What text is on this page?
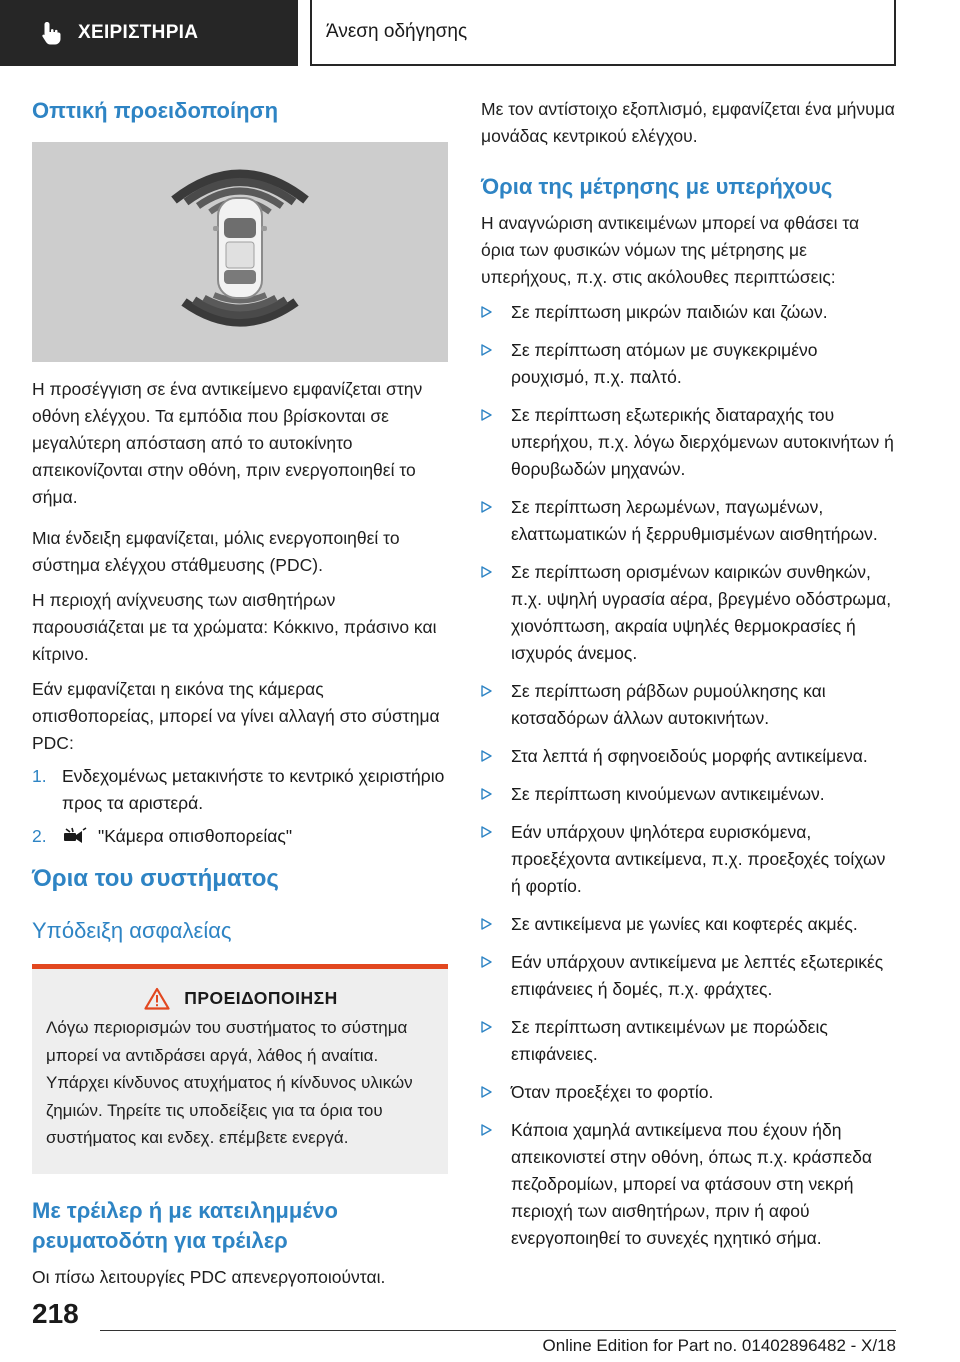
ΧΕΙΡΙΣΤΗΡΙΑ	Άνεση οδήγησης
Οπτική προειδοποίηση

Η προσέγγιση σε ένα αντικείμενο εμφανίζεται στην οθόνη ελέγχου. Τα εμπόδια που βρίσκονται σε μεγαλύτερη απόσταση από το αυτοκίνητο απεικονίζονται στην οθόνη, πριν ενεργοποιηθεί το σήμα.

Μια ένδειξη εμφανίζεται, μόλις ενεργοποιηθεί το σύστημα ελέγχου στάθμευσης (PDC).

Η περιοχή ανίχνευσης των αισθητήρων παρουσιάζεται με τα χρώματα: Κόκκινο, πράσινο και κίτρινο.

Εάν εμφανίζεται η εικόνα της κάμερας οπισθοπορείας, μπορεί να γίνει αλλαγή στο σύστημα PDC:

1. Ενδεχομένως μετακινήστε το κεντρικό χειριστήριο προς τα αριστερά.
2.	"Κάμερα οπισθοπορείας"
Όρια του συστήματος
Υπόδειξη ασφαλείας
ΠΡΟΕΙΔΟΠΟΙΗΣΗ

Λόγω περιορισμών του συστήματος το σύστημα μπορεί να αντιδράσει αργά, λάθος ή αναίτια. Υπάρχει κίνδυνος ατυχήματος ή κίνδυνος υλικών ζημιών. Τηρείτε τις υποδείξεις για τα όρια του συστήματος και ενδεχ. επέμβετε ενεργά.

Με τρέιλερ ή με κατειλημμένο ρευματοδότη για τρέιλερ

Οι πίσω λειτουργίες PDC απενεργοποιούνται.

Με τον αντίστοιχο εξοπλισμό, εμφανίζεται ένα μήνυμα μονάδας κεντρικού ελέγχου.

Όρια της μέτρησης με υπερήχους

Η αναγνώριση αντικειμένων μπορεί να φθάσει τα όρια των φυσικών νόμων της μέτρησης με υπερήχους, π.χ. στις ακόλουθες περιπτώσεις:

Σε περίπτωση μικρών παιδιών και ζώων.
Σε περίπτωση ατόμων με συγκεκριμένο ρουχισμό, π.χ. παλτό.
Σε περίπτωση εξωτερικής διαταραχής του υπερήχου, π.χ. λόγω διερχόμενων αυτοκινήτων ή θορυβωδών μηχανών.
Σε περίπτωση λερωμένων, παγωμένων, ελαττωματικών ή ξερρυθμισμένων αισθητήρων.
Σε περίπτωση ορισμένων καιρικών συνθηκών, π.χ. υψηλή υγρασία αέρα, βρεγμένο οδόστρωμα, χιονόπτωση, ακραία υψηλές θερμοκρασίες ή ισχυρός άνεμος.
Σε περίπτωση ράβδων ρυμούλκησης και κοτσαδόρων άλλων αυτοκινήτων.
Στα λεπτά ή σφηνοειδούς μορφής αντικείμενα.
Σε περίπτωση κινούμενων αντικειμένων.
Εάν υπάρχουν ψηλότερα ευρισκόμενα, προεξέχοντα αντικείμενα, π.χ. προεξοχές τοίχων ή φορτίο.
Σε αντικείμενα με γωνίες και κοφτερές ακμές.
Εάν υπάρχουν αντικείμενα με λεπτές εξωτερικές επιφάνειες ή δομές, π.χ. φράχτες.
Σε περίπτωση αντικειμένων με πορώδεις επιφάνειες.
Όταν προεξέχει το φορτίο.
Κάποια χαμηλά αντικείμενα που έχουν ήδη απεικονιστεί στην οθόνη, όπως π.χ. κράσπεδα πεζοδρομίων, μπορεί να φτάσουν στη νεκρή περιοχή των αισθητήρων, πριν ή αφού ενεργοποιηθεί το συνεχές ηχητικό σήμα.
218
Online Edition for Part no. 01402896482 - X/18
